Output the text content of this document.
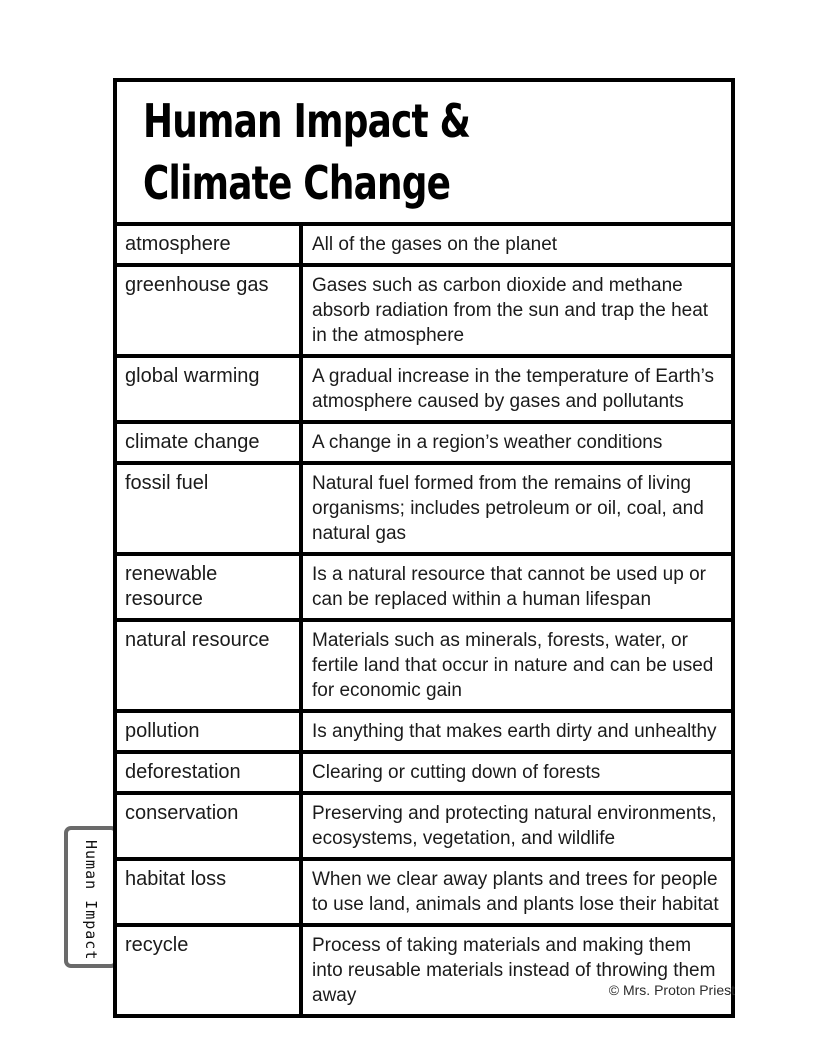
Human Impact
Human Impact &
Climate Change	

atmosphere	All of the gases on the planet
greenhouse gas	Gases such as carbon dioxide and methane absorb radiation from the sun and trap the heat in the atmosphere
global warming	A gradual increase in the temperature of Earth’s atmosphere caused by gases and pollutants
climate change	A change in a region’s weather conditions
fossil fuel	Natural fuel formed from the remains of living organisms; includes petroleum or oil, coal, and natural gas
renewable resource	Is a natural resource that cannot be used up or can be replaced within a human lifespan
natural resource	Materials such as minerals, forests, water, or fertile land that occur in nature and can be used for economic gain
pollution	Is anything that makes earth dirty and unhealthy
deforestation	Clearing or cutting down of forests
conservation	Preserving and protecting natural environments, ecosystems, vegetation, and wildlife
habitat loss	When we clear away plants and trees for people to use land, animals and plants lose their habitat
recycle	Process of taking materials and making them into reusable materials instead of throwing them away	© Mrs. Proton Priest
